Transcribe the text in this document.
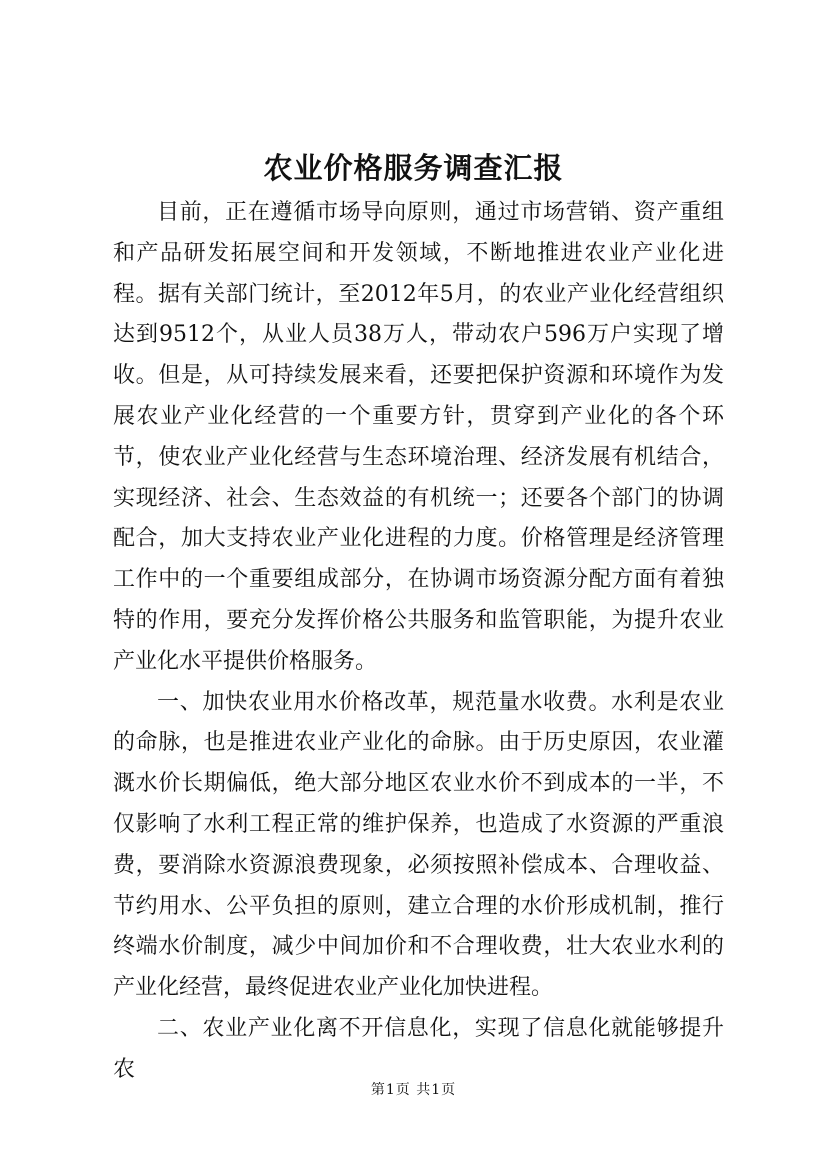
农业价格服务调查汇报

目前，正在遵循市场导向原则，通过市场营销、资产重组和产品研发拓展空间和开发领域，不断地推进农业产业化进程。据有关部门统计，至2012年5月，的农业产业化经营组织达到9512个，从业人员38万人，带动农户596万户实现了增收。但是，从可持续发展来看，还要把保护资源和环境作为发展农业产业化经营的一个重要方针，贯穿到产业化的各个环节，使农业产业化经营与生态环境治理、经济发展有机结合，实现经济、社会、生态效益的有机统一；还要各个部门的协调配合，加大支持农业产业化进程的力度。价格管理是经济管理工作中的一个重要组成部分，在协调市场资源分配方面有着独特的作用，要充分发挥价格公共服务和监管职能，为提升农业产业化水平提供价格服务。

一、加快农业用水价格改革，规范量水收费。水利是农业的命脉，也是推进农业产业化的命脉。由于历史原因，农业灌溉水价长期偏低，绝大部分地区农业水价不到成本的一半，不仅影响了水利工程正常的维护保养，也造成了水资源的严重浪费，要消除水资源浪费现象，必须按照补偿成本、合理收益、节约用水、公平负担的原则，建立合理的水价形成机制，推行终端水价制度，减少中间加价和不合理收费，壮大农业水利的产业化经营，最终促进农业产业化加快进程。

二、农业产业化离不开信息化，实现了信息化就能够提升农

第1页 共1页
